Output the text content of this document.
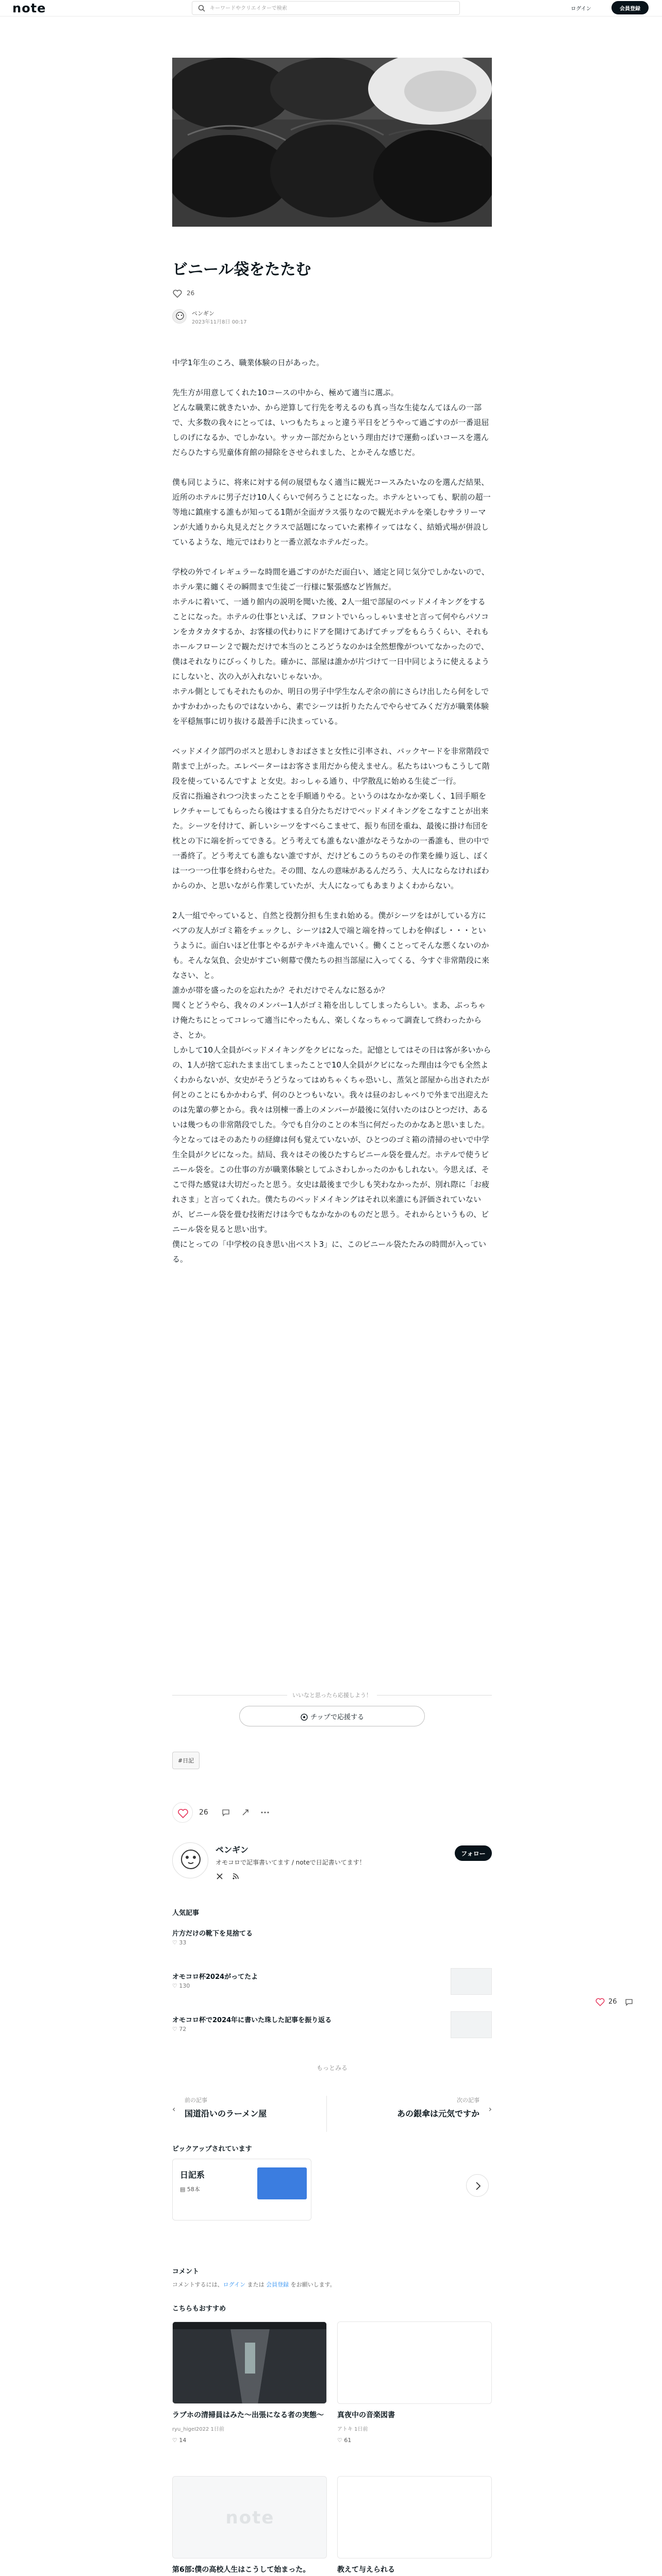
note
キーワードやクリエイターで検索	ログイン	会員登録
ビニール袋をたたむ
26
ペンギン
2023年11月8日 00:17

中学1年生のころ、職業体験の日があった。

先生方が用意してくれた10コースの中から、極めて適当に選ぶ。
どんな職業に就きたいか、から逆算して行先を考えるのも真っ当な生徒なんてほんの一部で、大多数の我々にとっては、いつもたちょっと違う平日をどうやって過ごすのが一番退屈しのげになるか、でしかない。サッカー部だからという理由だけで運動っぽいコースを選んだらひたすら児童体育館の掃除をさせられました、とかそんな感じだ。

僕も同じように、将来に対する何の展望もなく適当に観光コースみたいなのを選んだ結果、近所のホテルに男子だけ10人くらいで何ろうことになった。ホテルといっても、駅前の超一等地に鎮座する誰もが知ってる1階が全面ガラス張りなので観光ホテルを楽しむサラリーマンが大通りから丸見えだとクラスで話題になっていた素棒イッてはなく、結婚式場が併設しているような、地元ではわりと一番立派なホテルだった。

学校の外でイレギュラーな時間を過ごすのがただ面白い、通定と同じ気分でしかないので、ホテル業に纏くその瞬間まで生徒ご一行様に緊張感など皆無だ。
ホテルに着いて、一通り館内の説明を聞いた後、2人一組で部屋のベッドメイキングをすることになった。ホテルの仕事といえば、フロントでいらっしゃいませと言って何やらパソコンをカタカタするか、お客様の代わりにドアを開けてあげてチップをもらうくらい、それもホールフローン２で観ただけで本当のところどうなのかは全然想像がついてなかったので、僕はそれなりにびっくりした。確かに、部屋は誰かが片づけて一日中同じように使えるようにしないと、次の入が入れないじゃないか。
ホテル側としてもそれたものか、明日の男子中学生なんぞ余の前にさらけ出したら何をしでかすかわかったものではないから、素でシーツは折りたたんでやらせてみくだ方が職業体験を平穏無事に切り抜ける最善手に決まっている。

ベッドメイク部門のボスと思わしきおばさまと女性に引率され、バックヤードを非常階段で階まで上がった。エレベーターはお客さま用だから使えません。私たちはいつもこうして階段を使っているんですよ と女史。おっしゃる通り、中学散乱に始める生徒ご一行。
反省に指遍されつつ決まったことを手順通りやる。というのはなかなか楽しく、1回手順をレクチャーしてもらったら後はすまる自分たちだけでベッドメイキングをこなすことが出来た。シーツを付けて、新しいシーツをすべらこませて、振り布団を重ね、最後に掛け布団を枕との下に端を折ってできる。どう考えても誰もない誰がなそうなかの一番誰も、世の中で一番終了。どう考えても誰もない誰ですが、だけどもこのうちのその作業を繰り返し、ぼくは一つ一つ仕事を終わらせた。その間、なんの意味があるんだろう、大人にならなければわからのか、と思いながら作業していたが、大人になってもあまりよくわからない。

2人一組でやっていると、自然と役割分担も生まれ始める。僕がシーツをはがしている方にベアの友人がゴミ箱をチェックし、シーツは2人で端と端を持ってしわを伸ばし・・・というように。面白いほど仕事とやるがテキパキ進んでいく。働くことってそんな悪くないのかも。そんな気負、会史がすごい剣幕で僕たちの担当部屋に入ってくる、今すぐ非常階段に来なさい、と。
誰かが帯を盛ったのを忘れたか？それだけでそんなに怒るか？
聞くとどうやら、我々のメンバー1人がゴミ箱を出ししてしまったらしい。まあ、ぶっちゃけ俺たちにとってコレって適当にやったもん、楽しくなっちゃって調査して終わったからさ、とか。
しかして10人全員がベッドメイキングをクビになった。記憶としてはその日は客が多いからの、1人が捨て忘れたまま出てしまったことで10人全員がクビになった理由は今でも全然よくわからないが、女史がそうどうなってはめちゃくちゃ恐いし、蒸気と部屋から出されたが何とのことにもかかわらず、何のひとつもいない。我々は昼のおしゃべりで外まで出迎えたのは先輩の夢とから。我々は別棟一番上のメンバーが最後に気付いたのはひとつだけ、あるいは幾つもの非常階段でした。今でも自分のことの本当に何だったのかなあと思いました。
今となってはそのあたりの経緯は何も覚えていないが、ひとつのゴミ箱の清掃のせいで中学生全員がクビになった。結局、我々はその後ひたすらビニール袋を畳んだ。ホテルで使うビニール袋を。この仕事の方が職業体験としてふさわしかったのかもしれない。今思えば、そこで得た感覚は大切だったと思う。女史は最後まで少しも笑わなかったが、別れ際に「お疲れさま」と言ってくれた。僕たちのベッドメイキングはそれ以来誰にも評価されていないが、ビニール袋を畳む技術だけは今でもなかなかのものだと思う。それからというもの、ビニール袋を見ると思い出す。
僕にとっての「中学校の良き思い出ベスト3」に、このビニール袋たたみの時間が入っている。

いいなと思ったら応援しよう！
チップで応援する
#日記
26
ペンギン
オモコロで記事書いてます / noteで日記書いてます！
フォロー

人気記事
片方だけの靴下を見捨てる
♡ 33
オモコロ杯2024がってたよ
♡ 130
オモコロ杯で2024年に書いた珠した記事を振り返る
♡ 72
もっとみる
前の記事
国道沿いのラーメン屋
‹
次の記事
あの銀傘は元気ですか	›
ピックアップされています
日記系
▤ 58本
コメント
コメントするには、ログイン または 会員登録 をお願いします。
こちらもおすすめ
ラブホの清掃員はみた〜出張になる者の実態〜
ryu_higeI2022 1日前
♡ 14
真夜中の音楽図書
アトキ 1日前
♡ 61
note
第6部:僕の高校人生はこうして始まった。	教えて与えられる
26
